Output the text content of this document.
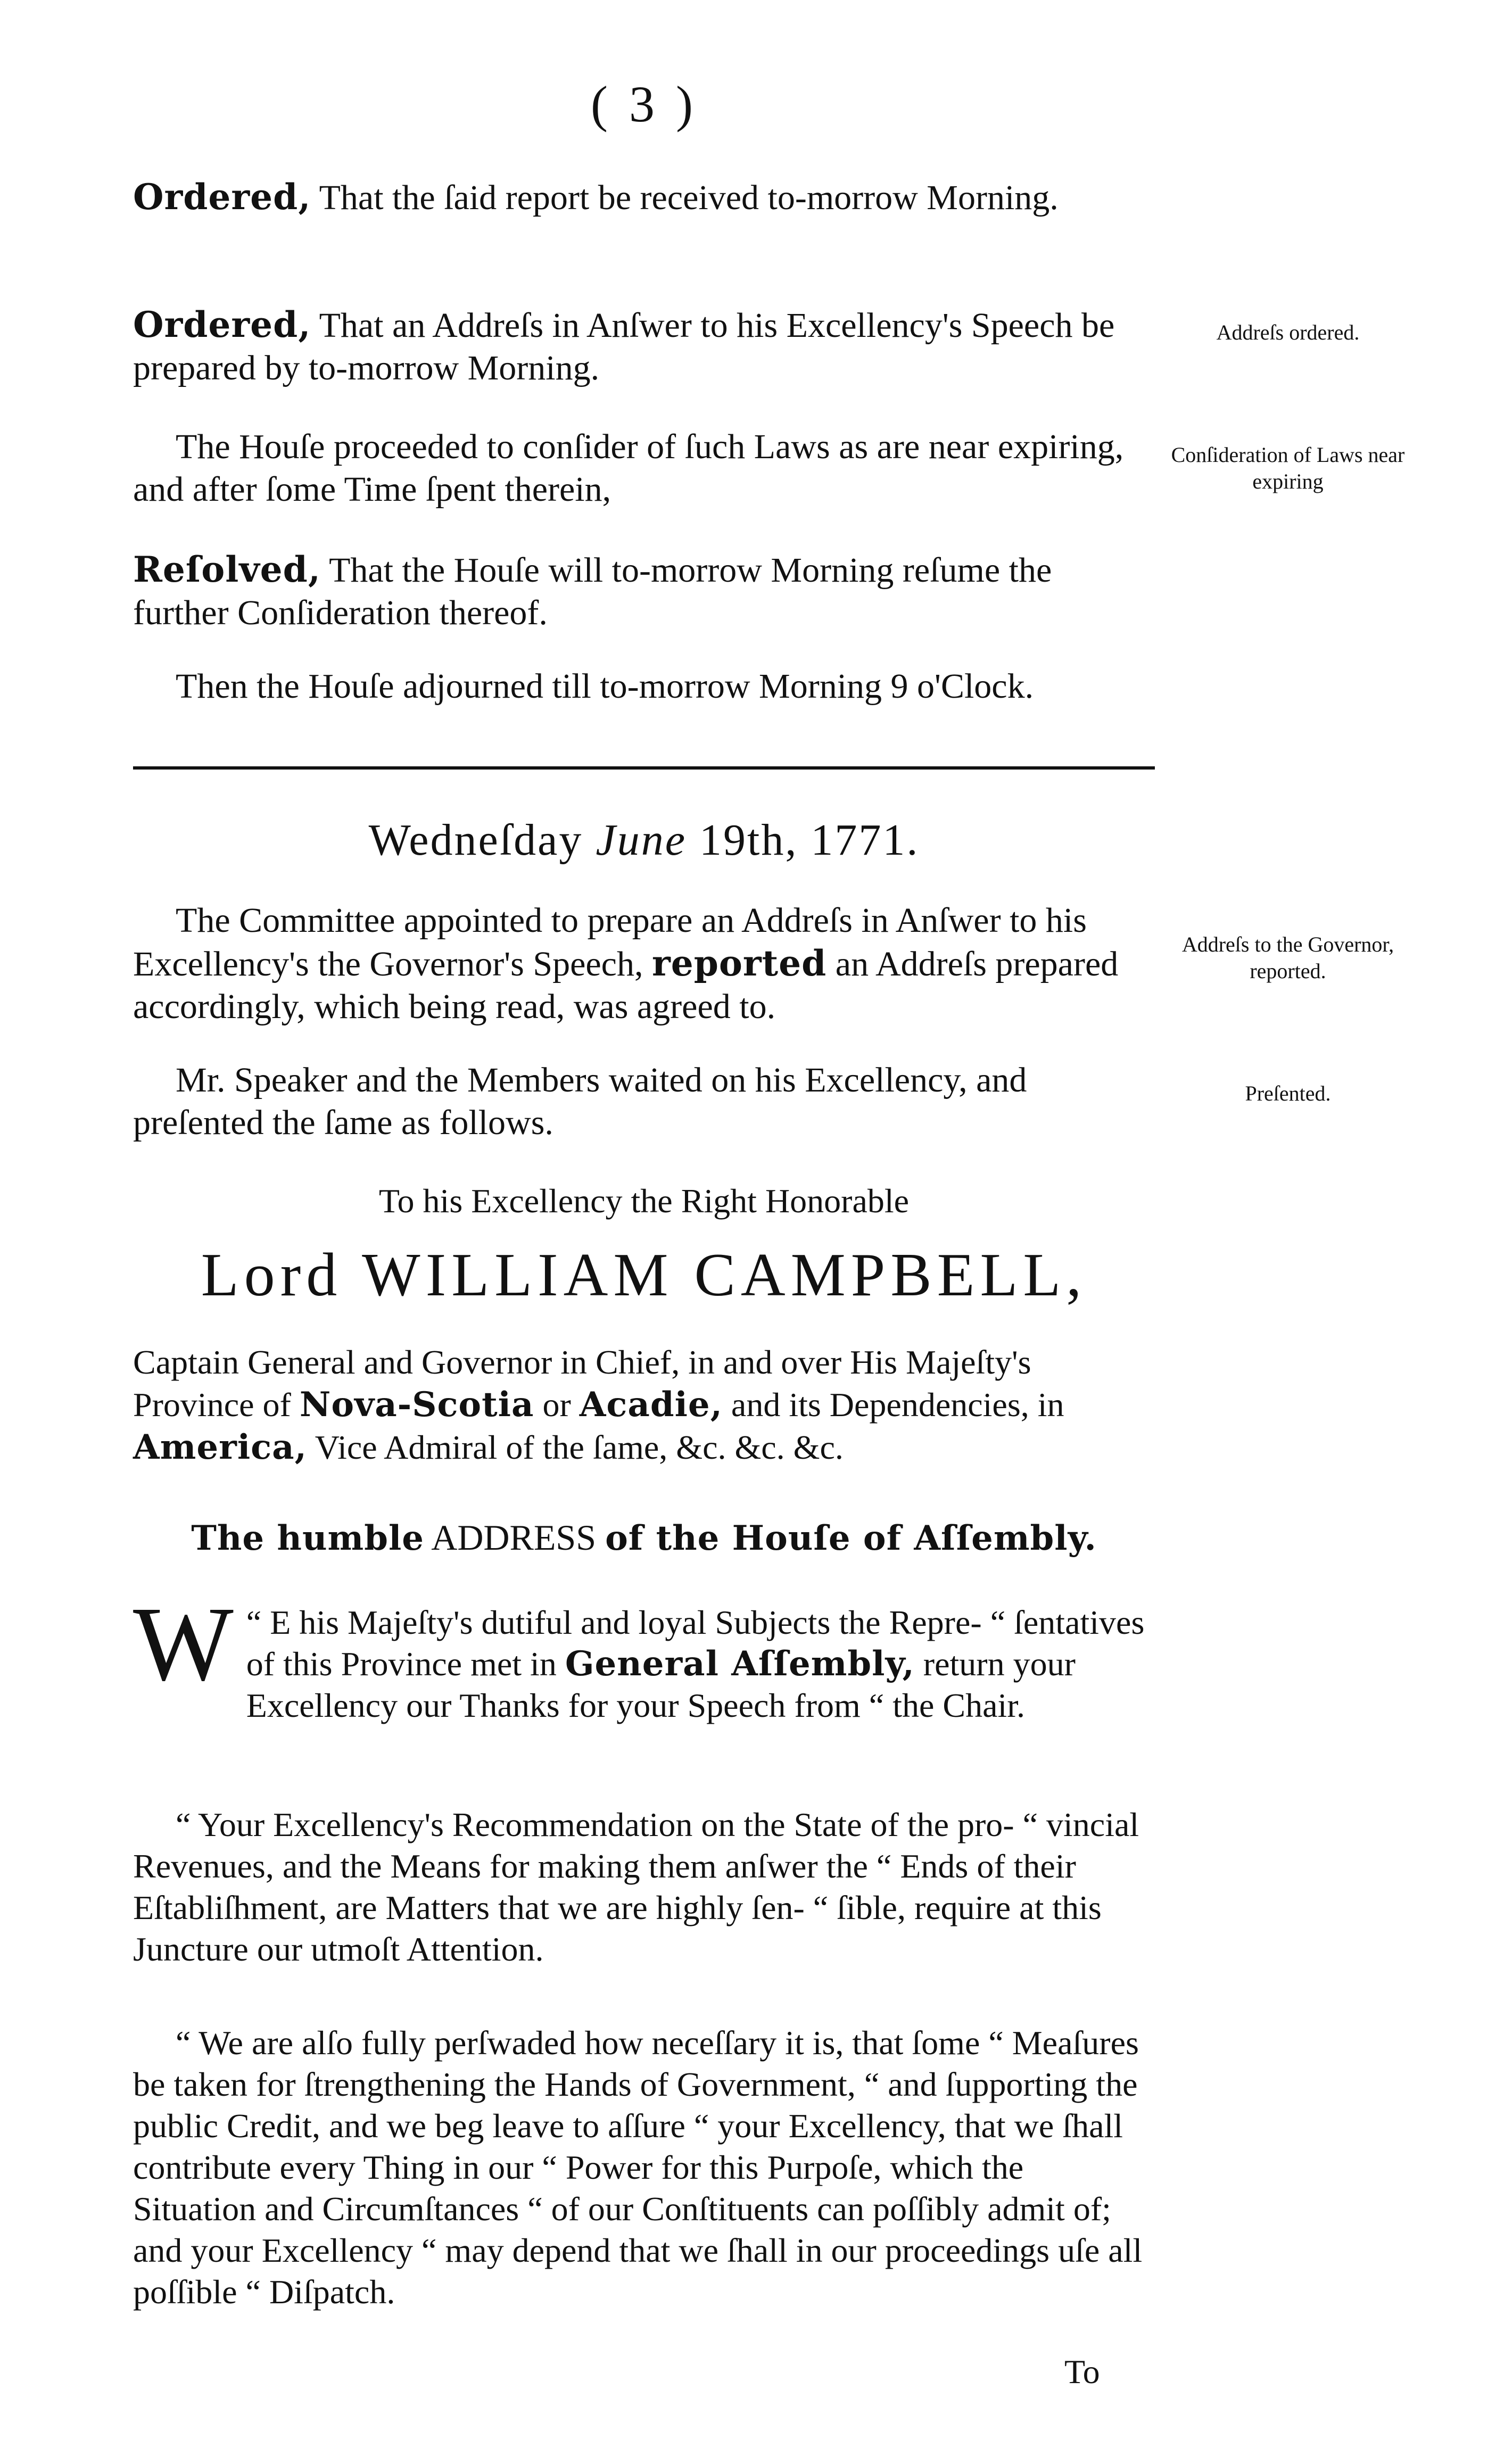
( 3 )
Ordered, That the ſaid report be received to-morrow Morning.
Ordered, That an Addreſs in Anſwer to his Excellency's Speech be prepared by to-morrow Morning.
Addreſs ordered.
The Houſe proceeded to conſider of ſuch Laws as are near expiring, and after ſome Time ſpent therein,
Conſideration of Laws near expiring
Reſolved, That the Houſe will to-morrow Morning reſume the further Conſideration thereof.
Then the Houſe adjourned till to-morrow Morning 9 o'Clock.
Wedneſday June 19th, 1771.
The Committee appointed to prepare an Addreſs in Anſwer to his Excellency's the Governor's Speech, reported an Addreſs prepared accordingly, which being read, was agreed to.
Addreſs to the Governor, reported.
Mr. Speaker and the Members waited on his Excellency, and preſented the ſame as follows.
Preſented.
To his Excellency the Right Honorable
Lord WILLIAM CAMPBELL,
Captain General and Governor in Chief, in and over His Majeſty's Province of Nova-Scotia or Acadie, and its Dependencies, in America, Vice Admiral of the ſame, &c. &c. &c.
The humble ADDRESS of the Houſe of Aſſembly.
“
W E his Majeſty's dutiful and loyal Subjects the Repre- “ ſentatives of this Province met in General Aſſembly, return your Excellency our Thanks for your Speech from “ the Chair.
“ Your Excellency's Recommendation on the State of the pro- “ vincial Revenues, and the Means for making them anſwer the “ Ends of their Eſtabliſhment, are Matters that we are highly ſen- “ ſible, require at this Juncture our utmoſt Attention.
“ We are alſo fully perſwaded how neceſſary it is, that ſome “ Meaſures be taken for ſtrengthening the Hands of Government, “ and ſupporting the public Credit, and we beg leave to aſſure “ your Excellency, that we ſhall contribute every Thing in our “ Power for this Purpoſe, which the Situation and Circumſtances “ of our Conſtituents can poſſibly admit of; and your Excellency “ may depend that we ſhall in our proceedings uſe all poſſible “ Diſpatch.
To
